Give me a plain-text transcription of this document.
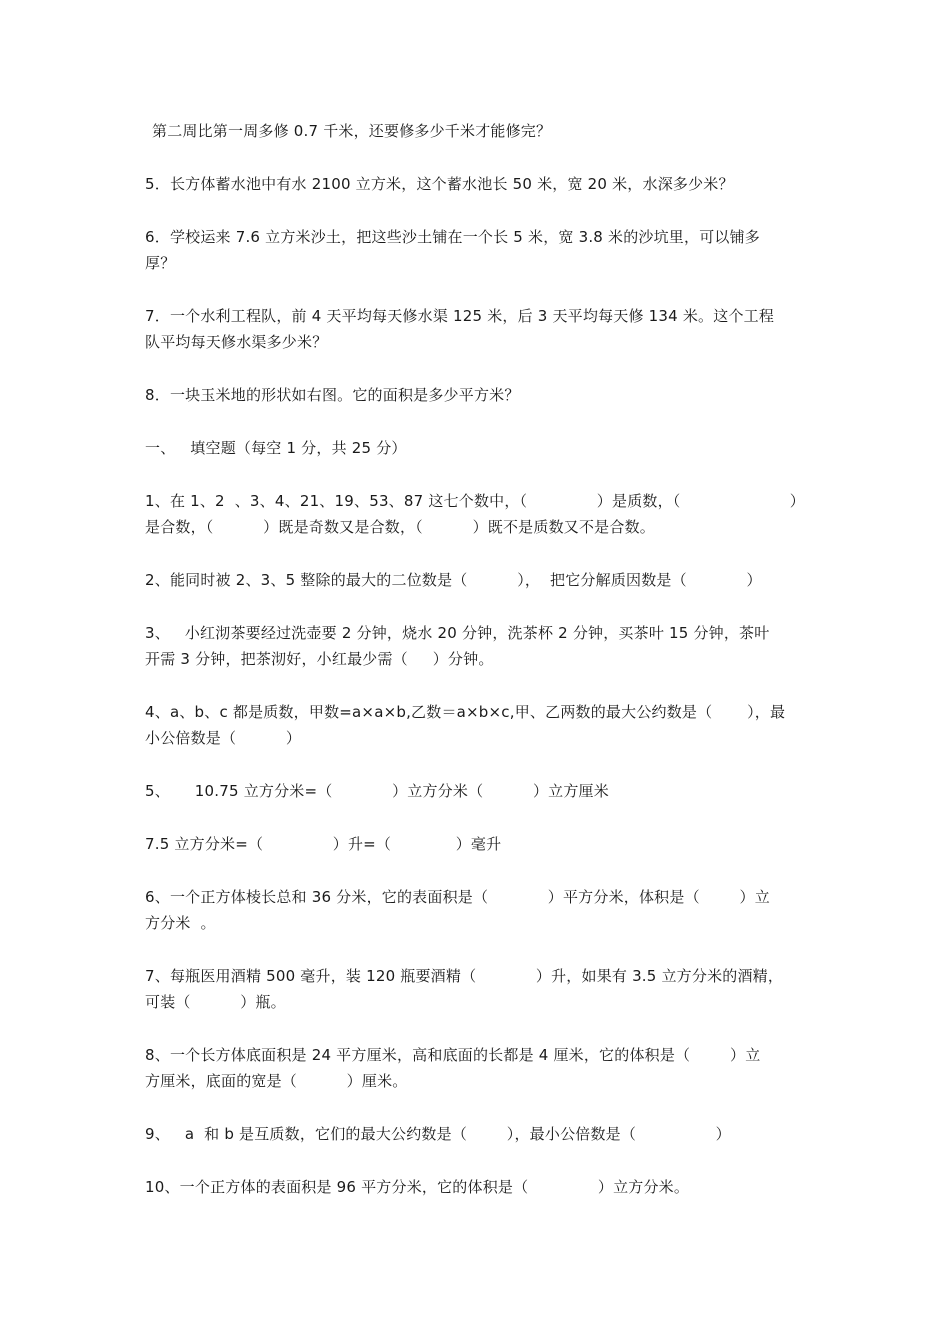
第二周比第一周多修 0.7 千米，还要修多少千米才能修完？
5．长方体蓄水池中有水 2100 立方米，这个蓄水池长 50 米，宽 20 米，水深多少米？
6．学校运来 7.6 立方米沙土，把这些沙土铺在一个长 5 米，宽 3.8 米的沙坑里，可以铺多
厚？
7．一个水利工程队，前 4 天平均每天修水渠 125 米，后 3 天平均每天修 134 米。这个工程
队平均每天修水渠多少米？
8．一块玉米地的形状如右图。它的面积是多少平方米？
一、   填空题（每空 1 分，共 25 分）
1、在 1、2  、3、4、21、19、53、87 这七个数中，（              ）是质数，（                      ）
是合数，（          ）既是奇数又是合数，（          ）既不是质数又不是合数。
2、能同时被 2、3、5 整除的最大的二位数是（          ），  把它分解质因数是（            ）
3、   小红沏茶要经过洗壶要 2 分钟，烧水 20 分钟，洗茶杯 2 分钟，买茶叶 15 分钟，茶叶
开需 3 分钟，把茶沏好，小红最少需（     ）分钟。
4、a、b、c 都是质数，甲数=a×a×b,乙数＝a×b×c,甲、乙两数的最大公约数是（       ），最
小公倍数是（          ）
5、     10.75 立方分米=（            ）立方分米（          ）立方厘米
7.5 立方分米=（              ）升=（             ）毫升
6、一个正方体棱长总和 36 分米，它的表面积是（            ）平方分米，体积是（        ）立
方分米  。
7、每瓶医用酒精 500 毫升，装 120 瓶要酒精（            ）升，如果有 3.5 立方分米的酒精，
可装（          ）瓶。
8、一个长方体底面积是 24 平方厘米，高和底面的长都是 4 厘米，它的体积是（        ）立
方厘米，底面的宽是（          ）厘米。
9、   a  和 b 是互质数，它们的最大公约数是（        ），最小公倍数是（                ）
10、一个正方体的表面积是 96 平方分米，它的体积是（              ）立方分米。
